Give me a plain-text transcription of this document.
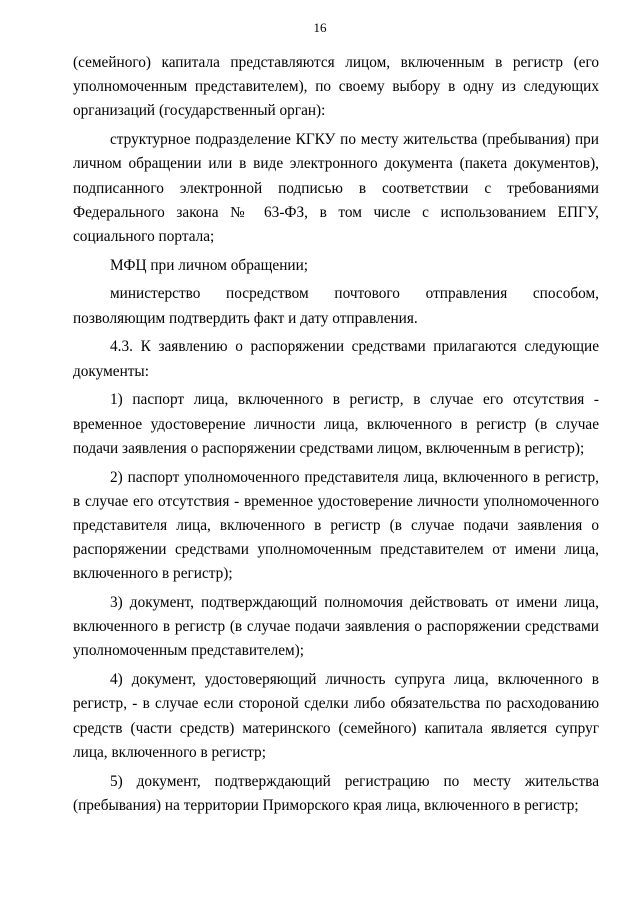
16

(семейного) капитала представляются лицом, включенным в регистр (его
уполномоченным представителем), по своему выбору в одну из следующих
организаций (государственный орган):

структурное подразделение КГКУ по месту жительства (пребывания) при
личном обращении или в виде электронного документа (пакета документов),
подписанного электронной подписью в соответствии с требованиями
Федерального закона № 63-ФЗ, в том числе с использованием ЕПГУ,
социального портала;

МФЦ при личном обращении;

министерство посредством почтового отправления способом,
позволяющим подтвердить факт и дату отправления.

4.3. К заявлению о распоряжении средствами прилагаются следующие
документы:

1) паспорт лица, включенного в регистр, в случае его отсутствия -
временное удостоверение личности лица, включенного в регистр (в случае
подачи заявления о распоряжении средствами лицом, включенным в регистр);

2) паспорт уполномоченного представителя лица, включенного в регистр,
в случае его отсутствия - временное удостоверение личности уполномоченного
представителя лица, включенного в регистр (в случае подачи заявления о
распоряжении средствами уполномоченным представителем от имени лица,
включенного в регистр);

3) документ, подтверждающий полномочия действовать от имени лица,
включенного в регистр (в случае подачи заявления о распоряжении средствами
уполномоченным представителем);

4) документ, удостоверяющий личность супруга лица, включенного в
регистр, - в случае если стороной сделки либо обязательства по расходованию
средств (части средств) материнского (семейного) капитала является супруг
лица, включенного в регистр;

5) документ, подтверждающий регистрацию по месту жительства
(пребывания) на территории Приморского края лица, включенного в регистр;
